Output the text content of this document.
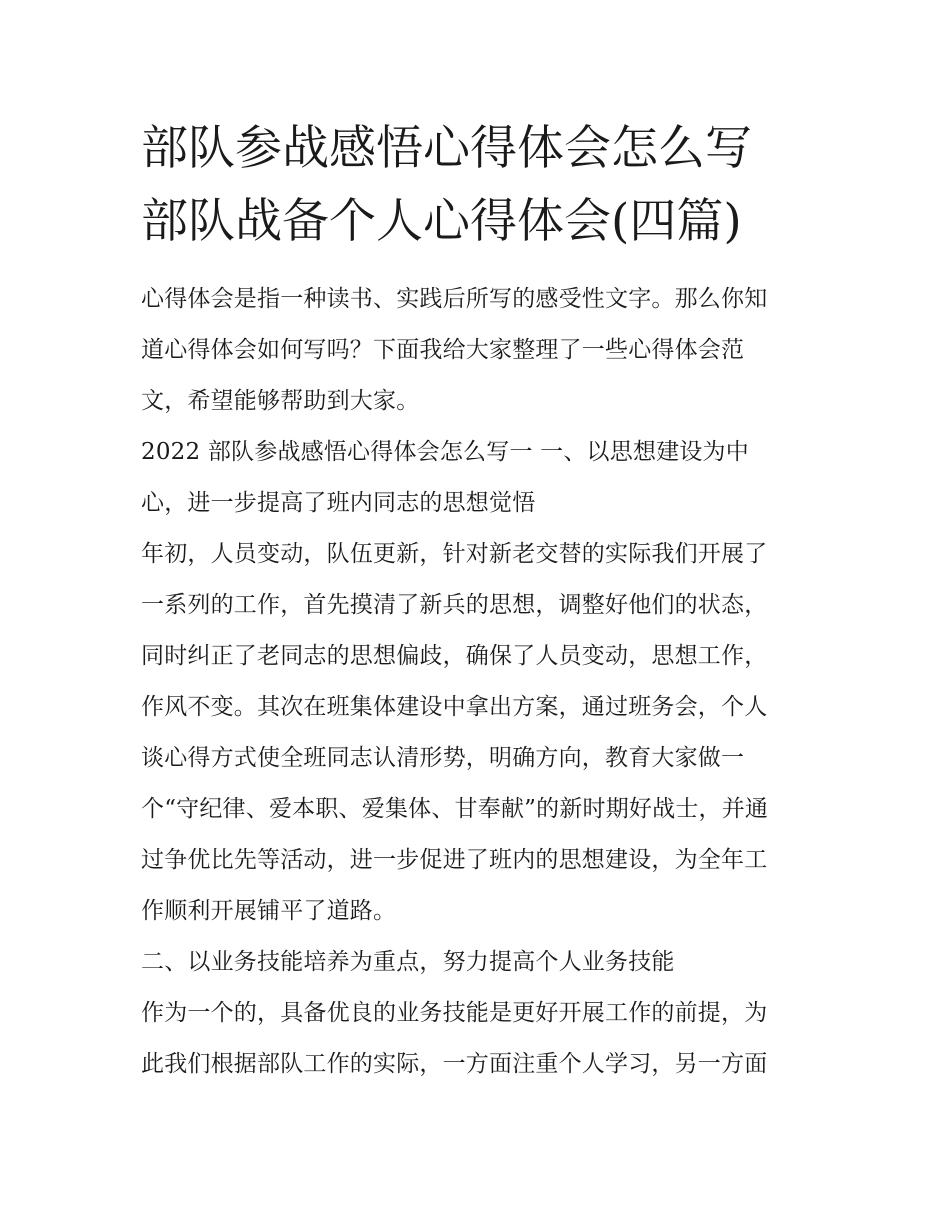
部队参战感悟心得体会怎么写
部队战备个人心得体会(四篇)

心得体会是指一种读书、实践后所写的感受性文字。那么你知
道心得体会如何写吗？下面我给大家整理了一些心得体会范
文，希望能够帮助到大家。

2022 部队参战感悟心得体会怎么写一 一、以思想建设为中
心，进一步提高了班内同志的思想觉悟

年初，人员变动，队伍更新，针对新老交替的实际我们开展了
一系列的工作，首先摸清了新兵的思想，调整好他们的状态，
同时纠正了老同志的思想偏歧，确保了人员变动，思想工作，
作风不变。其次在班集体建设中拿出方案，通过班务会，个人
谈心得方式使全班同志认清形势，明确方向，教育大家做一
个“守纪律、爱本职、爱集体、甘奉献”的新时期好战士，并通
过争优比先等活动，进一步促进了班内的思想建设，为全年工
作顺利开展铺平了道路。

二、以业务技能培养为重点，努力提高个人业务技能

作为一个的，具备优良的业务技能是更好开展工作的前提，为
此我们根据部队工作的实际，一方面注重个人学习，另一方面
